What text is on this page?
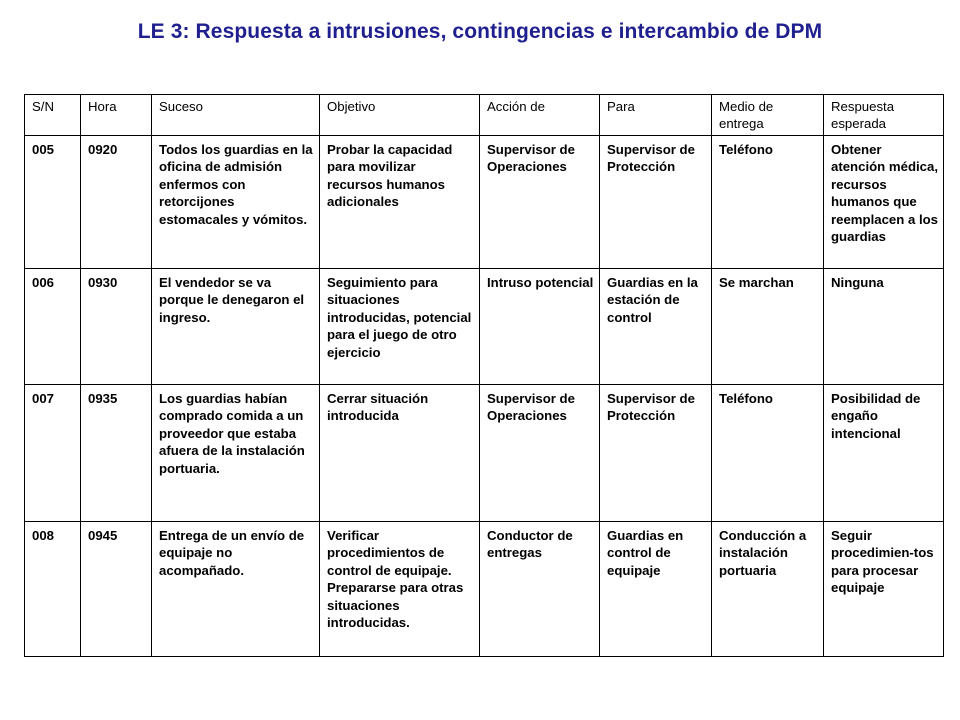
LE 3: Respuesta a intrusiones, contingencias e intercambio de DPM
S/N	Hora	Suceso	Objetivo	Acción de	Para	Medio de entrega	Respuesta esperada
005	0920	Todos los guardias en la oficina de admisión enfermos con retorcijones estomacales y vómitos.	Probar la capacidad para movilizar recursos humanos adicionales	Supervisor de Operaciones	Supervisor de Protección	Teléfono	Obtener atención médica, recursos humanos que reemplacen a los guardias
006	0930	El vendedor se va porque le denegaron el ingreso.	Seguimiento para situaciones introducidas, potencial para el juego de otro ejercicio	Intruso potencial	Guardias en la estación de control	Se marchan	Ninguna
007	0935	Los guardias habían comprado comida a un proveedor que estaba afuera de la instalación portuaria.	Cerrar situación introducida	Supervisor de Operaciones	Supervisor de Protección	Teléfono	Posibilidad de engaño intencional
008	0945	Entrega de un envío de equipaje no acompañado.	Verificar procedimientos de control de equipaje. Prepararse para otras situaciones introducidas.	Conductor de entregas	Guardias en control de equipaje	Conducción a instalación portuaria	Seguir procedimien-tos para procesar equipaje
